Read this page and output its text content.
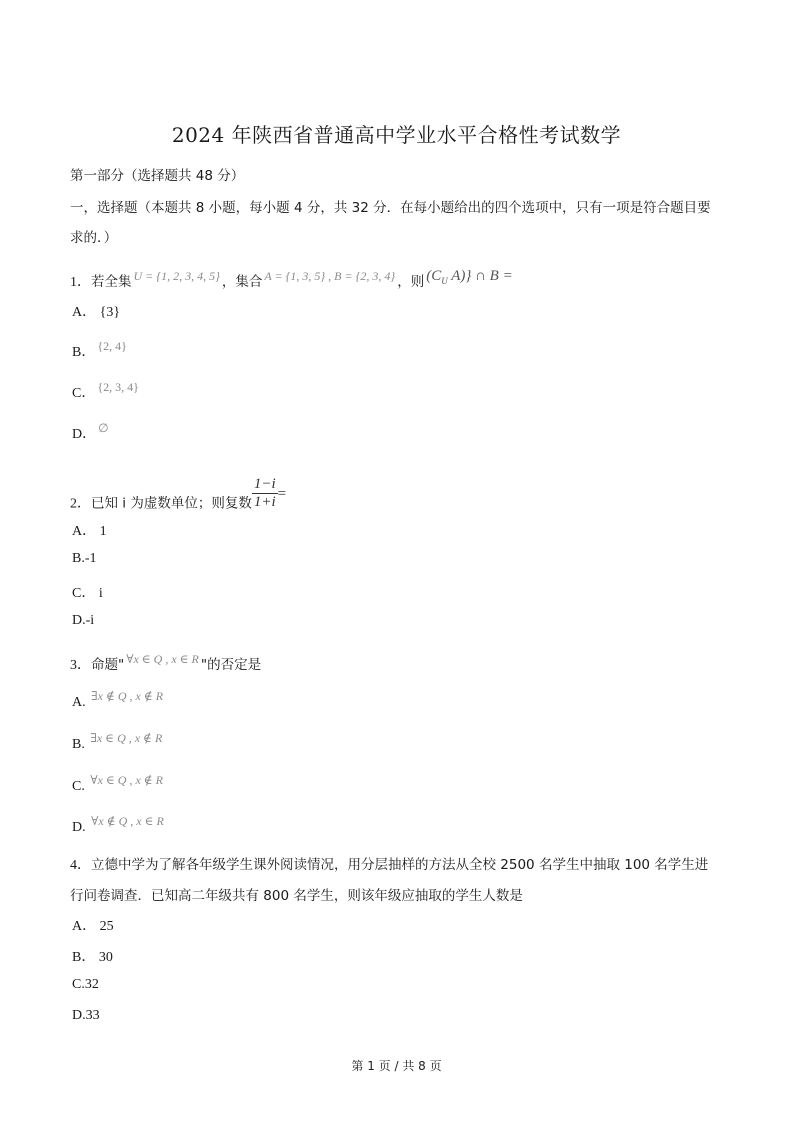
2024 年陕西省普通高中学业水平合格性考试数学
第一部分（选择题共 48 分）
一，选择题（本题共 8 小题，每小题 4 分，共 32 分．在每小题给出的四个选项中，只有一项是符合题目要
求的．）
1．若全集 U = {1, 2, 3, 4, 5} ，集合 A = {1, 3, 5} , B = {2, 3, 4} ，则 ($C_U$ A)} ∩ B =
A． {3}
B． {2, 4}
C． {2, 3, 4}
D． ∅
2．已知 i 为虚数单位；则复数 $\frac{1-i}{1+i}$ =
A． 1
B.-1
C． i
D.-i
3．命题" ∀x ∈ Q , x ∈ R "的否定是
A. ∃x ∉ Q , x ∉ R
B. ∃x ∈ Q , x ∉ R
C. ∀x ∈ Q , x ∉ R
D. ∀x ∉ Q , x ∈ R
4．立德中学为了解各年级学生课外阅读情况，用分层抽样的方法从全校 2500 名学生中抽取 100 名学生进
行问卷调查．已知高二年级共有 800 名学生，则该年级应抽取的学生人数是
A． 25
B． 30
C.32
D.33
第 1 页 / 共 8 页
